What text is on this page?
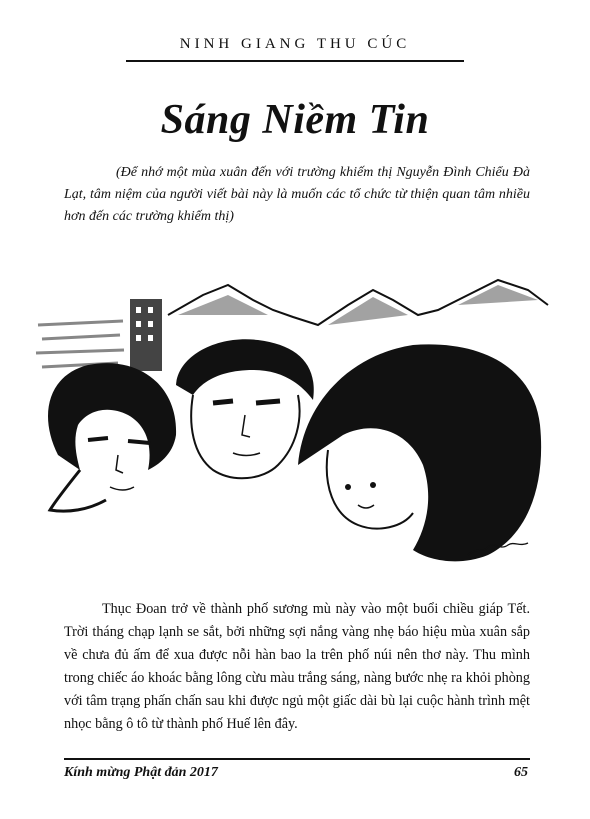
NINH GIANG THU CÚC
Sáng Niềm Tin
(Để nhớ một mùa xuân đến với trường khiếm thị Nguyễn Đình Chiểu Đà Lạt, tâm niệm của người viết bài này là muốn các tổ chức từ thiện quan tâm nhiều hơn đến các trường khiếm thị)
Thục Đoan trở về thành phố sương mù này vào một buổi chiều giáp Tết. Trời tháng chạp lạnh se sắt, bởi những sợi nắng vàng nhẹ báo hiệu mùa xuân sắp về chưa đủ ấm để xua được nỗi hàn bao la trên phố núi nên thơ này. Thu mình trong chiếc áo khoác bằng lông cừu màu trắng sáng, nàng bước nhẹ ra khỏi phòng với tâm trạng phấn chấn sau khi được ngủ một giấc dài bù lại cuộc hành trình mệt nhọc bằng ô tô từ thành phố Huế lên đây.
Kính mừng Phật đản 2017	65
